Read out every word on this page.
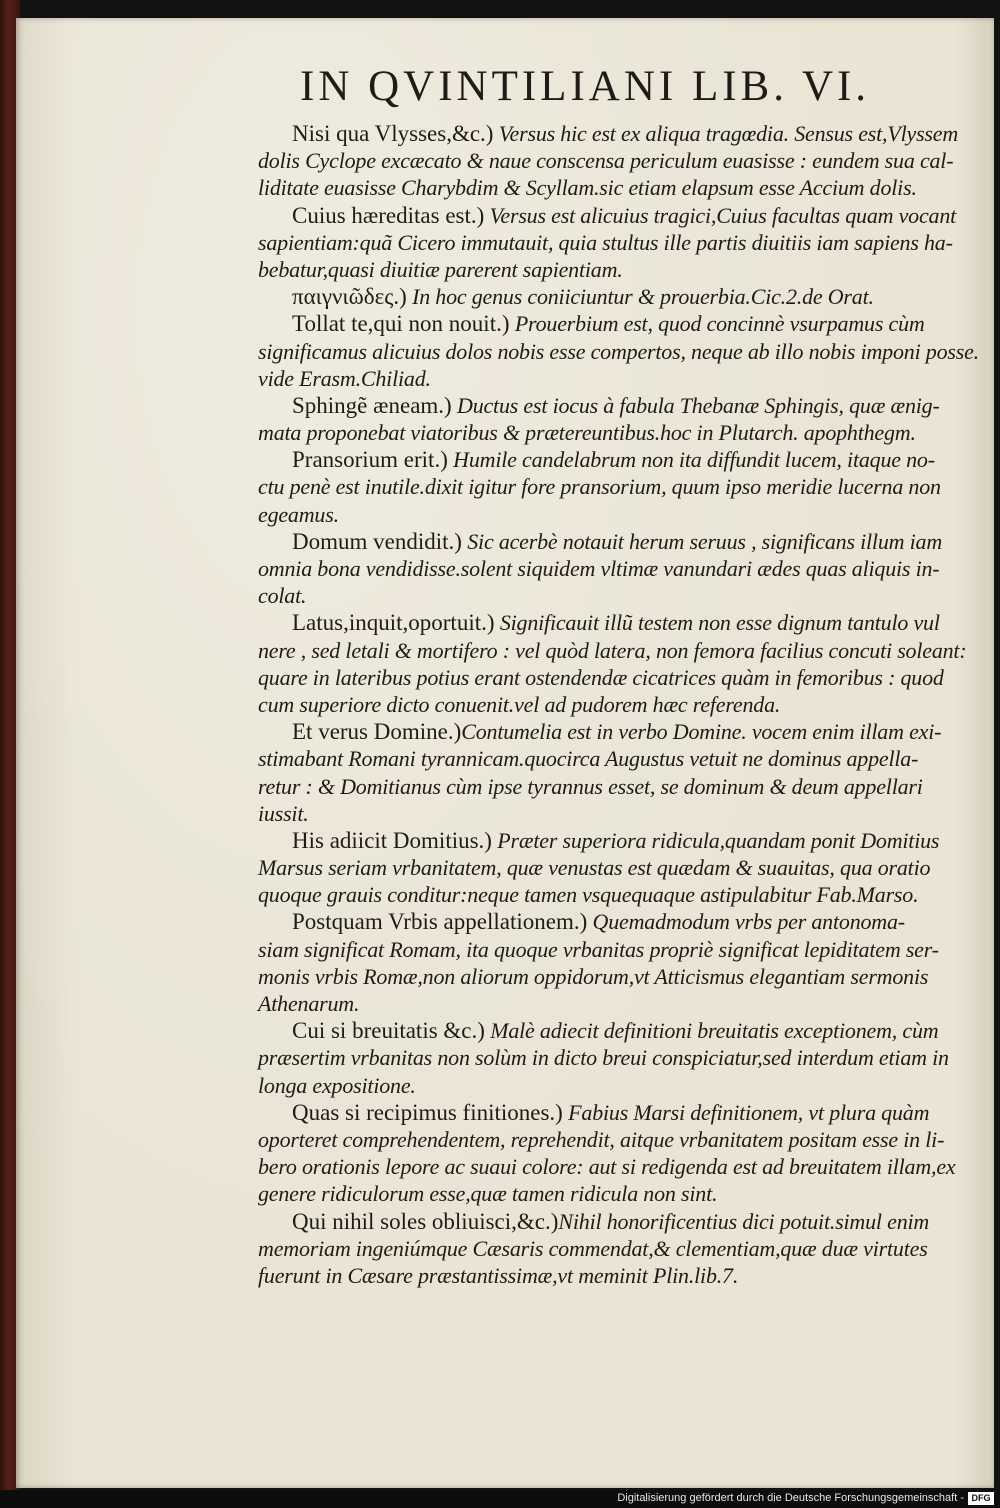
IN QVINTILIANI LIB. VI.
Nisi qua Vlysses,&c.) Versus hic est ex aliqua tragœdia. Sensus est,Vlyssem
dolis Cyclope excæcato & naue conscensa periculum euasisse : eundem sua cal-
liditate euasisse Charybdim & Scyllam.sic etiam elapsum esse Accium dolis.
Cuius hæreditas est.) Versus est alicuius tragici,Cuius facultas quam vocant
sapientiam:quã Cicero immutauit, quia stultus ille partis diuitiis iam sapiens ha-
bebatur,quasi diuitiæ parerent sapientiam.
παιγνιῶδες.) In hoc genus coniiciuntur & prouerbia.Cic.2.de Orat.
Tollat te,qui non nouit.) Prouerbium est, quod concinnè vsurpamus cùm
significamus alicuius dolos nobis esse compertos, neque ab illo nobis imponi posse.
vide Erasm.Chiliad.
Sphingẽ æneam.) Ductus est iocus à fabula Thebanæ Sphingis, quæ ænig-
mata proponebat viatoribus & prætereuntibus.hoc in Plutarch. apophthegm.
Pransorium erit.) Humile candelabrum non ita diffundit lucem, itaque no-
ctu penè est inutile.dixit igitur fore pransorium, quum ipso meridie lucerna non
egeamus.
Domum vendidit.) Sic acerbè notauit herum seruus , significans illum iam
omnia bona vendidisse.solent siquidem vltimæ vanundari ædes quas aliquis in-
colat.
Latus,inquit,oportuit.) Significauit illũ testem non esse dignum tantulo vul
nere , sed letali & mortifero : vel quòd latera, non femora facilius concuti soleant:
quare in lateribus potius erant ostendendæ cicatrices quàm in femoribus : quod
cum superiore dicto conuenit.vel ad pudorem hæc referenda.
Et verus Domine.)Contumelia est in verbo Domine. vocem enim illam exi-
stimabant Romani tyrannicam.quocirca Augustus vetuit ne dominus appella-
retur : & Domitianus cùm ipse tyrannus esset, se dominum & deum appellari
iussit.
His adiicit Domitius.) Præter superiora ridicula,quandam ponit Domitius
Marsus seriam vrbanitatem, quæ venustas est quædam & suauitas, qua oratio
quoque grauis conditur:neque tamen vsquequaque astipulabitur Fab.Marso.
Postquam Vrbis appellationem.) Quemadmodum vrbs per antonoma-
siam significat Romam, ita quoque vrbanitas propriè significat lepiditatem ser-
monis vrbis Romæ,non aliorum oppidorum,vt Atticismus elegantiam sermonis
Athenarum.
Cui si breuitatis &c.) Malè adiecit definitioni breuitatis exceptionem, cùm
præsertim vrbanitas non solùm in dicto breui conspiciatur,sed interdum etiam in
longa expositione.
Quas si recipimus finitiones.) Fabius Marsi definitionem, vt plura quàm
oporteret comprehendentem, reprehendit, aitque vrbanitatem positam esse in li-
bero orationis lepore ac suaui colore: aut si redigenda est ad breuitatem illam,ex
genere ridiculorum esse,quæ tamen ridicula non sint.
Qui nihil soles obliuisci,&c.)Nihil honorificentius dici potuit.simul enim
memoriam ingeniúmque Cæsaris commendat,& clementiam,quæ duæ virtutes
fuerunt in Cæsare præstantissimæ,vt meminit Plin.lib.7.
Digitalisierung gefördert durch die Deutsche Forschungsgemeinschaft - DFG
